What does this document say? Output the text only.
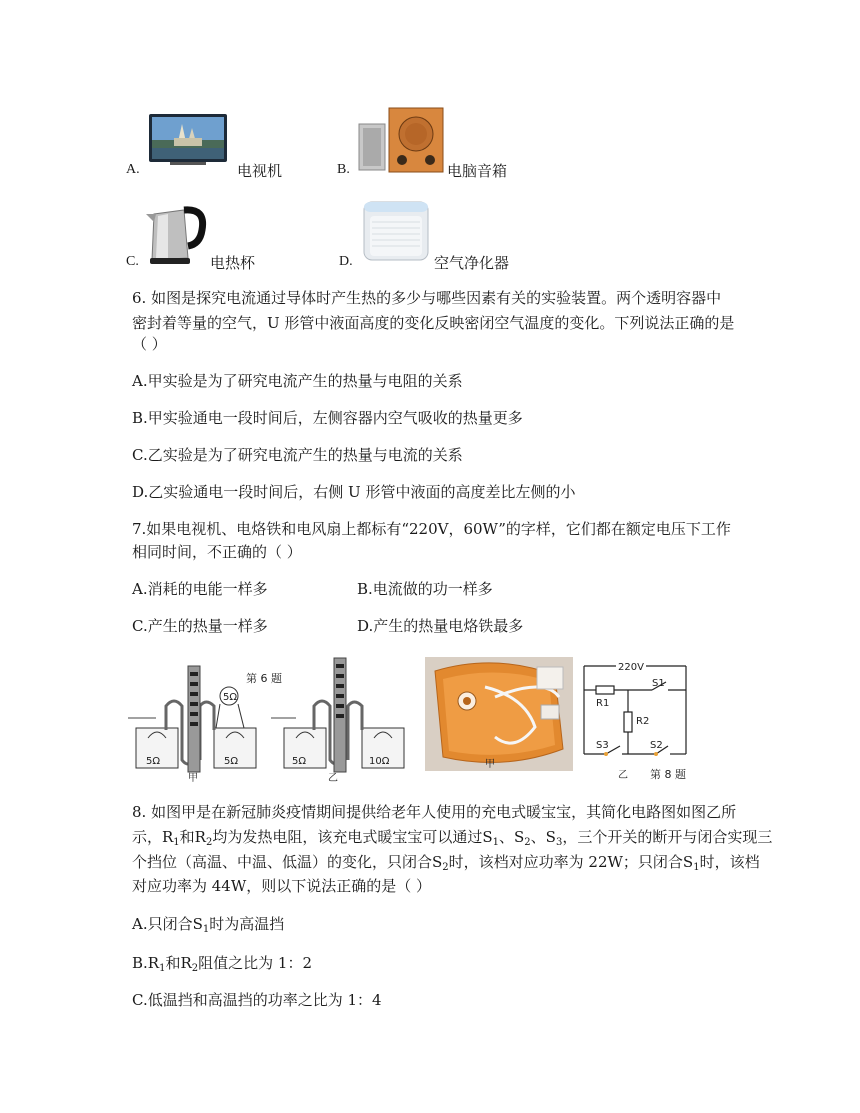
A.	电视机	B.	电脑音箱
C.	电热杯	D.	空气净化器
6. 如图是探究电流通过导体时产生热的多少与哪些因素有关的实验装置。两个透明容器中
密封着等量的空气，U 形管中液面高度的变化反映密闭空气温度的变化。下列说法正确的是
（ ）
A.甲实验是为了研究电流产生的热量与电阻的关系
B.甲实验通电一段时间后，左侧容器内空气吸收的热量更多
C.乙实验是为了研究电流产生的热量与电流的关系
D.乙实验通电一段时间后，右侧 U 形管中液面的高度差比左侧的小
7.如果电视机、电烙铁和电风扇上都标有“220V，60W”的字样，它们都在额定电压下工作
相同时间，不正确的（ ）
A.消耗的电能一样多	B.电流做的功一样多
C.产生的热量一样多	D.产生的热量电烙铁最多
5Ω
5Ω	5Ω
甲
第 6 题
5Ω	10Ω
乙
甲
220V
R1
R2
S1
S3	S2
乙 第 8 题
8. 如图甲是在新冠肺炎疫情期间提供给老年人使用的充电式暖宝宝，其简化电路图如图乙所
示，$R_1$和$R_2$均为发热电阻，该充电式暖宝宝可以通过$S_1$、$S_2$、$S_3$，三个开关的断开与闭合实现三
个挡位（高温、中温、低温）的变化，只闭合$S_2$时，该档对应功率为 22W；只闭合$S_1$时，该档
对应功率为 44W，则以下说法正确的是（ ）
A.只闭合$S_1$时为高温挡
$B.R_1$和$R_2$阻值之比为 1：2
C.低温挡和高温挡的功率之比为 1：4
